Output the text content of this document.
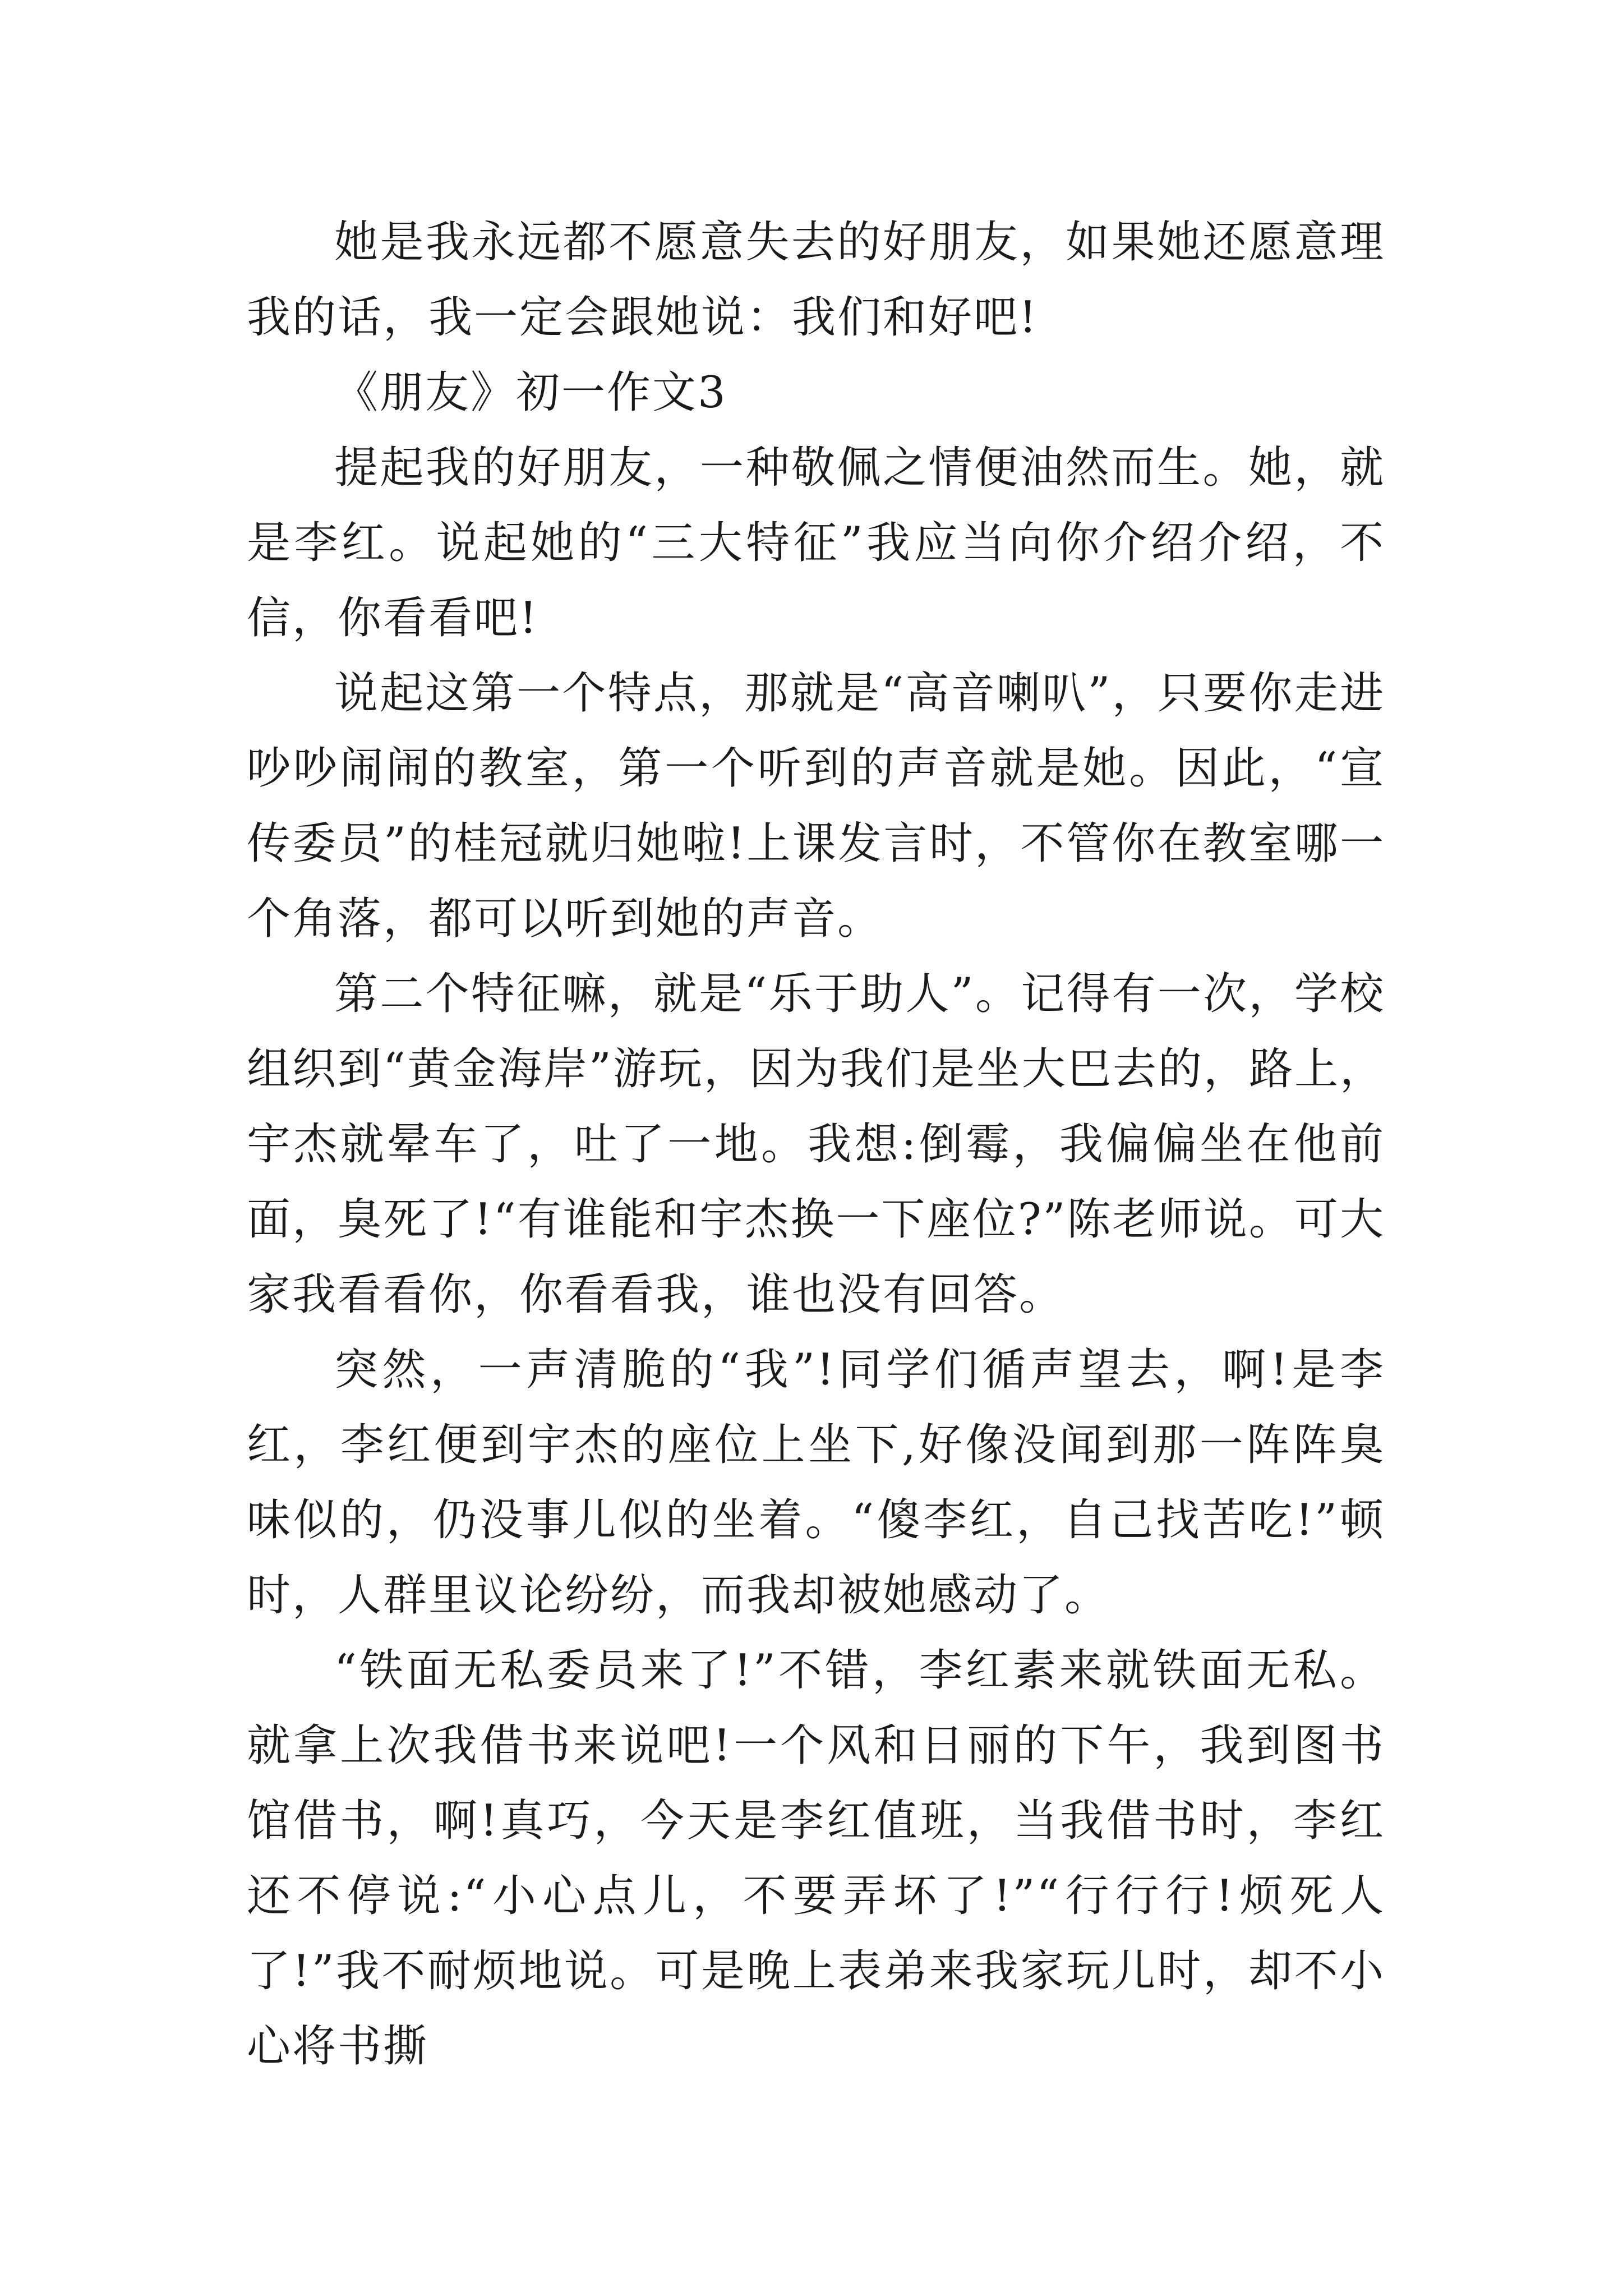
她是我永远都不愿意失去的好朋友，如果她还愿意理我的话，我一定会跟她说：我们和好吧!

《朋友》初一作文3

提起我的好朋友，一种敬佩之情便油然而生。她，就是李红。说起她的“三大特征”我应当向你介绍介绍，不信，你看看吧!

说起这第一个特点，那就是“高音喇叭”，只要你走进吵吵闹闹的教室，第一个听到的声音就是她。因此，“宣传委员”的桂冠就归她啦!上课发言时，不管你在教室哪一个角落，都可以听到她的声音。

第二个特征嘛，就是“乐于助人”。记得有一次，学校组织到“黄金海岸”游玩，因为我们是坐大巴去的，路上，宇杰就晕车了，吐了一地。我想:倒霉，我偏偏坐在他前面，臭死了!“有谁能和宇杰换一下座位?”陈老师说。可大家我看看你，你看看我，谁也没有回答。

突然，一声清脆的“我”!同学们循声望去，啊!是李红，李红便到宇杰的座位上坐下,好像没闻到那一阵阵臭味似的，仍没事儿似的坐着。“傻李红，自己找苦吃!”顿时，人群里议论纷纷，而我却被她感动了。

“铁面无私委员来了!”不错，李红素来就铁面无私。就拿上次我借书来说吧!一个风和日丽的下午，我到图书馆借书，啊!真巧，今天是李红值班，当我借书时，李红还不停说:“小心点儿，不要弄坏了!”“行行行!烦死人了!”我不耐烦地说。可是晚上表弟来我家玩儿时，却不小心将书撕
